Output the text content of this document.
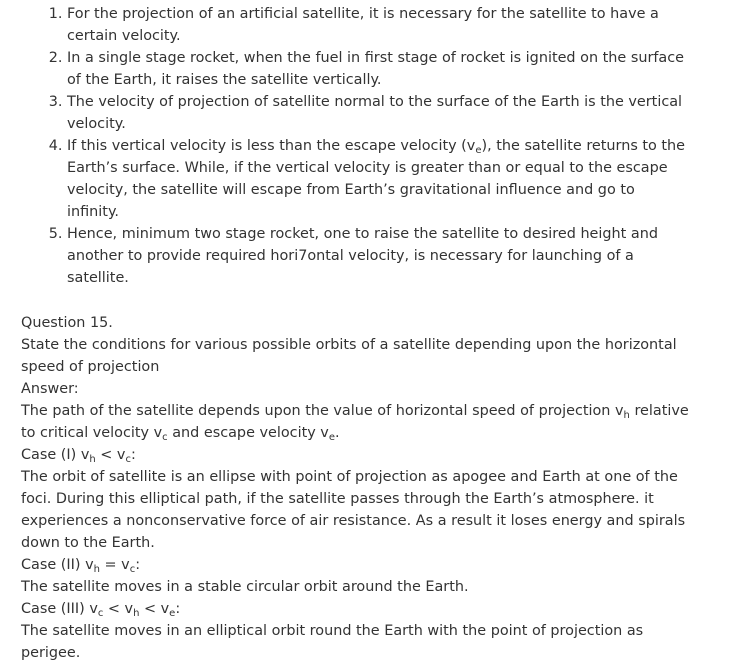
1. For the projection of an artificial satellite, it is necessary for the satellite to have a certain velocity.
2. In a single stage rocket, when the fuel in first stage of rocket is ignited on the surface of the Earth, it raises the satellite vertically.
3. The velocity of projection of satellite normal to the surface of the Earth is the vertical velocity.
4. If this vertical velocity is less than the escape velocity $(v_e)$, the satellite returns to the Earth’s surface. While, if the vertical velocity is greater than or equal to the escape velocity, the satellite will escape from Earth’s gravitational influence and go to infinity.
5. Hence, minimum two stage rocket, one to raise the satellite to desired height and another to provide required hori7ontal velocity, is necessary for launching of a satellite.

Question 15.

State the conditions for various possible orbits of a satellite depending upon the horizontal speed of projection

Answer:

The path of the satellite depends upon the value of horizontal speed of projection $v_h$ relative to critical velocity $v_c$ and escape velocity $v_e$.

Case (I) $v_h < v_c$:

The orbit of satellite is an ellipse with point of projection as apogee and Earth at one of the foci. During this elliptical path, if the satellite passes through the Earth’s atmosphere. it experiences a nonconservative force of air resistance. As a result it loses energy and spirals down to the Earth.

Case (II) $v_h = v_c$:

The satellite moves in a stable circular orbit around the Earth.

Case (III) $v_c < v_h < v_e$:

The satellite moves in an elliptical orbit round the Earth with the point of projection as perigee.
